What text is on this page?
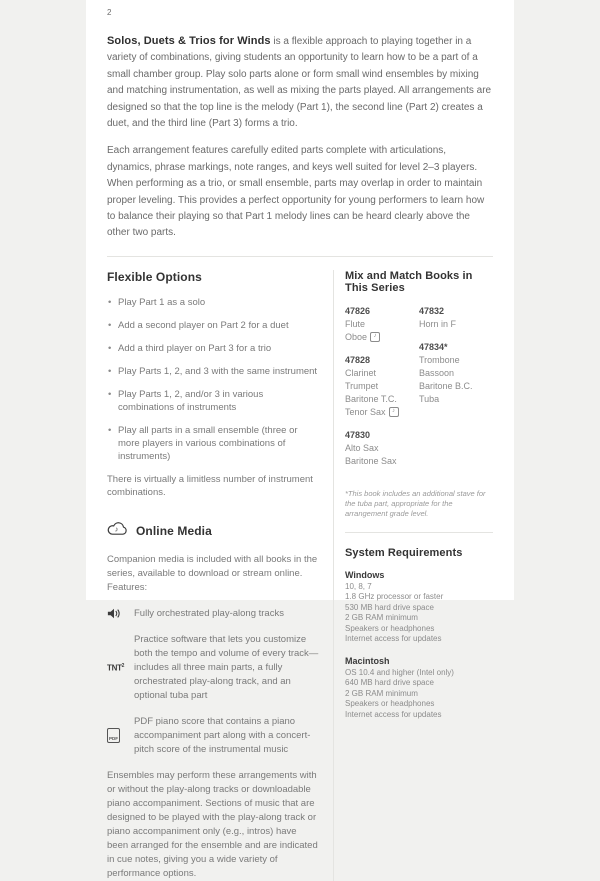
2

Solos, Duets & Trios for Winds is a flexible approach to playing together in a variety of combinations, giving students an opportunity to learn how to be a part of a small chamber group. Play solo parts alone or form small wind ensembles by mixing and matching instrumentation, as well as mixing the parts played. All arrangements are designed so that the top line is the melody (Part 1), the second line (Part 2) creates a duet, and the third line (Part 3) forms a trio.

Each arrangement features carefully edited parts complete with articulations, dynamics, phrase markings, note ranges, and keys well suited for level 2–3 players. When performing as a trio, or small ensemble, parts may overlap in order to maintain proper leveling. This provides a perfect opportunity for young performers to learn how to balance their playing so that Part 1 melody lines can be heard clearly above the other two parts.

Flexible Options
• Play Part 1 as a solo
• Add a second player on Part 2 for a duet
• Add a third player on Part 3 for a trio
• Play Parts 1, 2, and 3 with the same instrument
• Play Parts 1, 2, and/or 3 in various combinations of instruments
• Play all parts in a small ensemble (three or more players in various combinations of instruments)

There is virtually a limitless number of instrument combinations.

♪ Online Media

Companion media is included with all books in the series, available to download or stream online. Features:

Fully orchestrated play-along tracks
TNT$^2$
Practice software that lets you customize both the tempo and volume of every track—includes all three main parts, a fully orchestrated play-along track, and an optional tuba part
PDF
PDF piano score that contains a piano accompaniment part along with a concert-pitch score of the instrumental music

Ensembles may perform these arrangements with or without the play-along tracks or downloadable piano accompaniment. Sections of music that are designed to be played with the play-along track or piano accompaniment only (e.g., intros) have been arranged for the ensemble and are indicated in cue notes, giving you a wide variety of performance options.

Mix and Match Books in This Series
47826
Flute
Oboe	♪
47828
Clarinet
Trumpet
Baritone T.C.
Tenor Sax	♪
47830
Alto Sax
Baritone Sax
47832
Horn in F
47834*
Trombone
Bassoon
Baritone B.C.
Tuba
*This book includes an additional stave for the tuba part, appropriate for the arrangement grade level.
System Requirements
Windows
10, 8, 7
1.8 GHz processor or faster
530 MB hard drive space
2 GB RAM minimum
Speakers or headphones
Internet access for updates
Macintosh
OS 10.4 and higher (Intel only)
640 MB hard drive space
2 GB RAM minimum
Speakers or headphones
Internet access for updates
